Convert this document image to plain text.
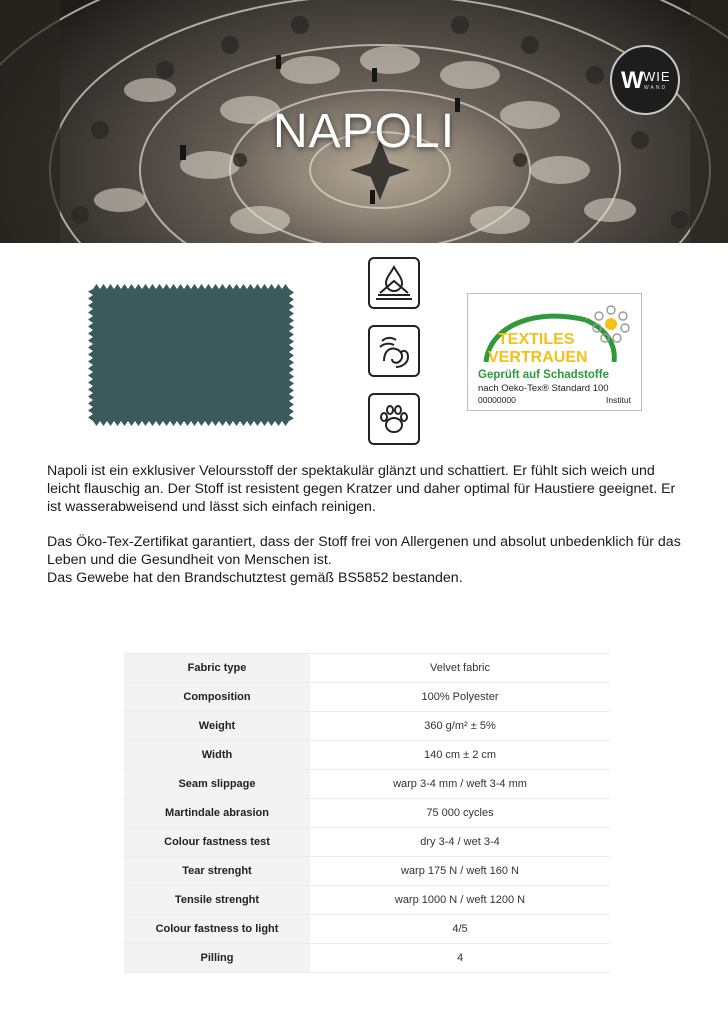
NAPOLI
W WIE
WAND
TEXTILES
VERTRAUEN
Geprüft auf Schadstoffe
nach Oeko-Tex® Standard 100
00000000	Institut

Napoli ist ein exklusiver Veloursstoff der spektakulär glänzt und schattiert. Er fühlt sich weich und leicht flauschig an. Der Stoff ist resistent gegen Kratzer und daher optimal für Haustiere geeignet. Er ist wasserabweisend und lässt sich einfach reinigen.

Das Öko-Tex-Zertifikat garantiert, dass der Stoff frei von Allergenen und absolut unbedenklich für das Leben und die Gesundheit von Menschen ist.

Das Gewebe hat den Brandschutztest gemäß BS5852 bestanden.

Fabric type	Velvet fabric
Composition	100% Polyester
Weight	360 g/m² ± 5%
Width	140 cm ± 2 cm
Seam slippage	warp 3-4 mm / weft 3-4 mm
Martindale abrasion	75 000 cycles
Colour fastness test	dry 3-4 / wet 3-4
Tear strenght	warp 175 N / weft 160 N
Tensile strenght	warp 1000 N / weft 1200 N
Colour fastness to light	4/5
Pilling	4
